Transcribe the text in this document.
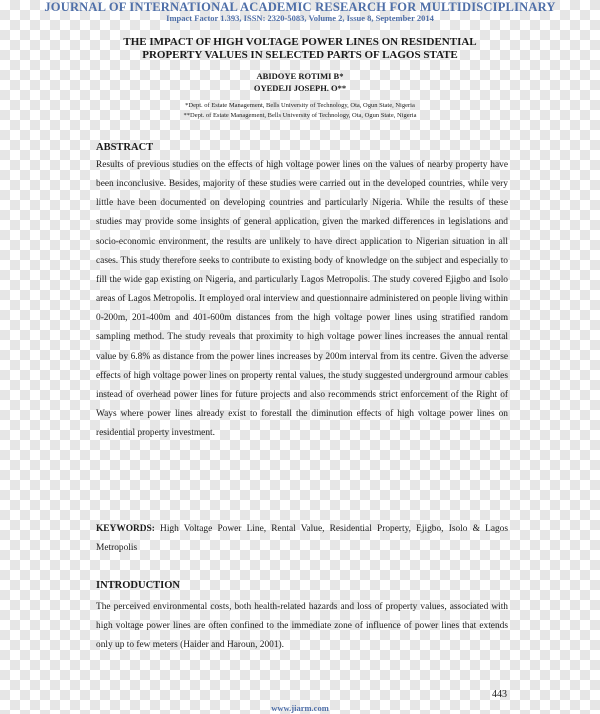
JOURNAL OF INTERNATIONAL ACADEMIC RESEARCH FOR MULTIDISCIPLINARY
Impact Factor 1.393, ISSN: 2320-5083, Volume 2, Issue 8, September 2014
THE IMPACT OF HIGH VOLTAGE POWER LINES ON RESIDENTIAL PROPERTY VALUES IN SELECTED PARTS OF LAGOS STATE
ABIDOYE ROTIMI B*
OYEDEJI JOSEPH. O**
*Dept. of Estate Management, Bells University of Technology, Ota, Ogun State, Nigeria
**Dept. of Estate Management, Bells University of Technology, Ota, Ogun State, Nigeria
ABSTRACT
Results of previous studies on the effects of high voltage power lines on the values of nearby property have been inconclusive. Besides, majority of these studies were carried out in the developed countries, while very little have been documented on developing countries and particularly Nigeria. While the results of these studies may provide some insights of general application, given the marked differences in legislations and socio-economic environment, the results are unlikely to have direct application to Nigerian situation in all cases. This study therefore seeks to contribute to existing body of knowledge on the subject and especially to fill the wide gap existing on Nigeria, and particularly Lagos Metropolis. The study covered Ejigbo and Isolo areas of Lagos Metropolis. It employed oral interview and questionnaire administered on people living within 0-200m, 201-400m and 401-600m distances from the high voltage power lines using stratified random sampling method. The study reveals that proximity to high voltage power lines increases the annual rental value by 6.8% as distance from the power lines increases by 200m interval from its centre. Given the adverse effects of high voltage power lines on property rental values, the study suggested underground armour cables instead of overhead power lines for future projects and also recommends strict enforcement of the Right of Ways where power lines already exist to forestall the diminution effects of high voltage power lines on residential property investment.
KEYWORDS: High Voltage Power Line, Rental Value, Residential Property, Ejigbo, Isolo & Lagos Metropolis
INTRODUCTION
The perceived environmental costs, both health-related hazards and loss of property values, associated with high voltage power lines are often confined to the immediate zone of influence of power lines that extends only up to few meters (Haider and Haroun, 2001).
443
www.jiarm.com
